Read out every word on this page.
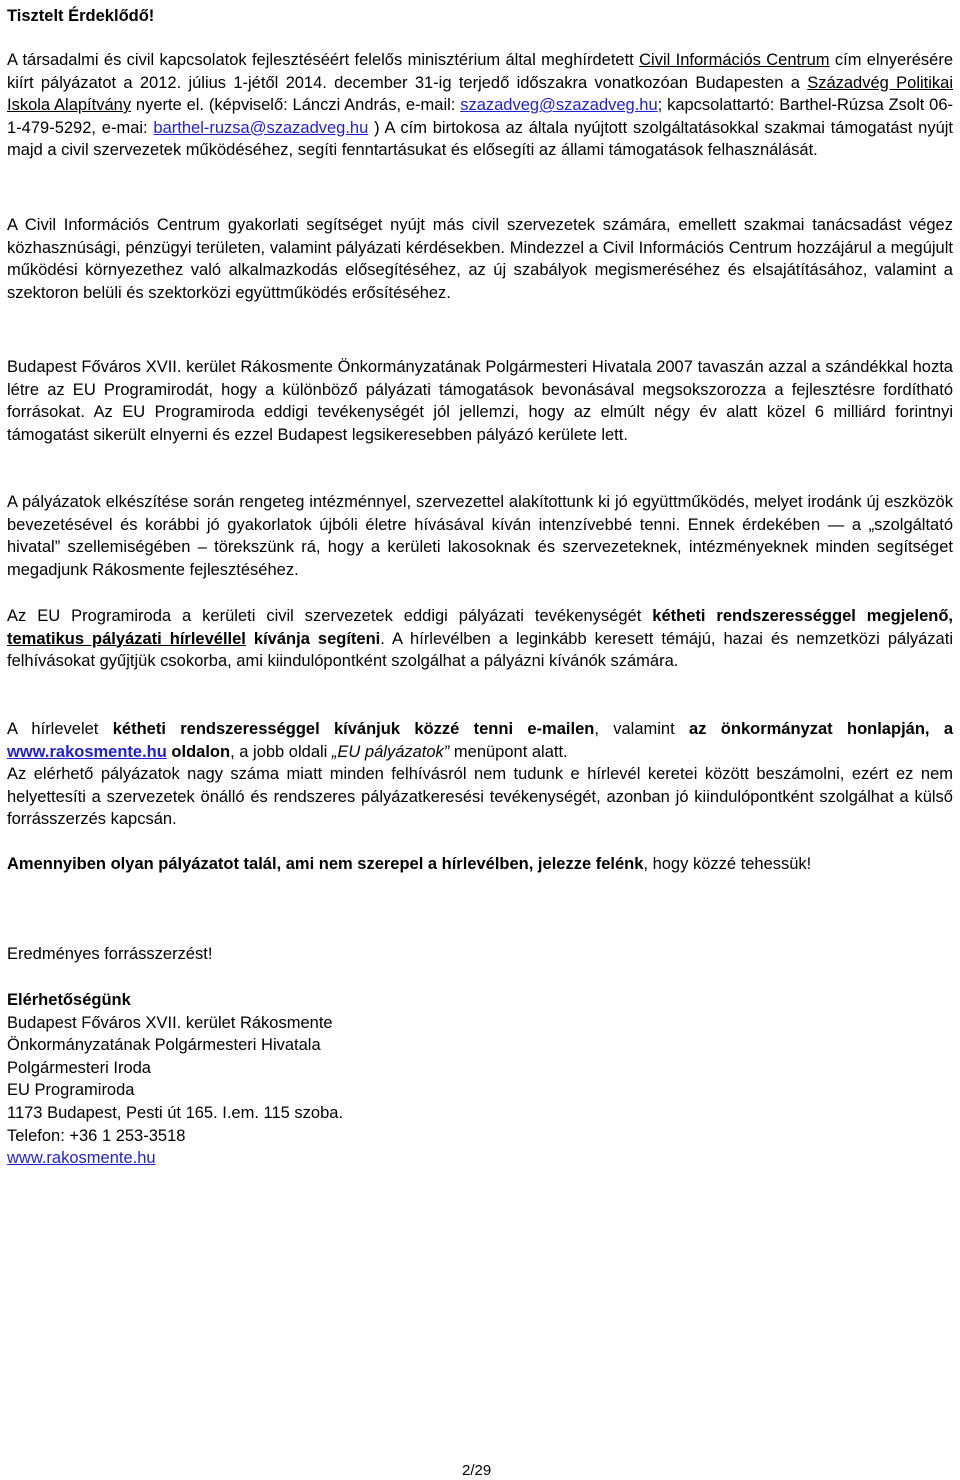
Tisztelt Érdeklődő!

A társadalmi és civil kapcsolatok fejlesztéséért felelős minisztérium által meghírdetett Civil Információs Centrum cím elnyerésére kiírt pályázatot a 2012. július 1-jétől 2014. december 31-ig terjedő időszakra vonatkozóan Budapesten a Századvég Politikai Iskola Alapítvány nyerte el. (képviselő: Lánczi András, e-mail: szazadveg@szazadveg.hu; kapcsolattartó: Barthel-Rúzsa Zsolt 06-1-479-5292, e-mai: barthel-ruzsa@szazadveg.hu ) A cím birtokosa az általa nyújtott szolgáltatásokkal szakmai támogatást nyújt majd a civil szervezetek működéséhez, segíti fenntartásukat és elősegíti az állami támogatások felhasználását.

A Civil Információs Centrum gyakorlati segítséget nyújt más civil szervezetek számára, emellett szakmai tanácsadást végez közhasznúsági, pénzügyi területen, valamint pályázati kérdésekben. Mindezzel a Civil Információs Centrum hozzájárul a megújult működési környezethez való alkalmazkodás elősegítéséhez, az új szabályok megismeréséhez és elsajátításához, valamint a szektoron belüli és szektorközi együttműködés erősítéséhez.

Budapest Főváros XVII. kerület Rákosmente Önkormányzatának Polgármesteri Hivatala 2007 tavaszán azzal a szándékkal hozta létre az EU Programirodát, hogy a különböző pályázati támogatások bevonásával megsokszorozza a fejlesztésre fordítható forrásokat. Az EU Programiroda eddigi tevékenységét jól jellemzi, hogy az elmúlt négy év alatt közel 6 milliárd forintnyi támogatást sikerült elnyerni és ezzel Budapest legsikeresebben pályázó kerülete lett.

A pályázatok elkészítése során rengeteg intézménnyel, szervezettel alakítottunk ki jó együttműködés, melyet irodánk új eszközök bevezetésével és korábbi jó gyakorlatok újbóli életre hívásával kíván intenzívebbé tenni. Ennek érdekében — a „szolgáltató hivatal” szellemiségében – törekszünk rá, hogy a kerületi lakosoknak és szervezeteknek, intézményeknek minden segítséget megadjunk Rákosmente fejlesztéséhez.

Az EU Programiroda a kerületi civil szervezetek eddigi pályázati tevékenységét kétheti rendszerességgel megjelenő, tematikus pályázati hírlevéllel kívánja segíteni. A hírlevélben a leginkább keresett témájú, hazai és nemzetközi pályázati felhívásokat gyűjtjük csokorba, ami kiindulópontként szolgálhat a pályázni kívánók számára.

A hírlevelet kétheti rendszerességgel kívánjuk közzé tenni e-mailen, valamint az önkormányzat honlapján, a www.rakosmente.hu oldalon, a jobb oldali „EU pályázatok” menüpont alatt.

Az elérhető pályázatok nagy száma miatt minden felhívásról nem tudunk e hírlevél keretei között beszámolni, ezért ez nem helyettesíti a szervezetek önálló és rendszeres pályázatkeresési tevékenységét, azonban jó kiindulópontként szolgálhat a külső forrásszerzés kapcsán.

Amennyiben olyan pályázatot talál, ami nem szerepel a hírlevélben, jelezze felénk, hogy közzé tehessük!

Eredményes forrásszerzést!

Elérhetőségünk
Budapest Főváros XVII. kerület Rákosmente
Önkormányzatának Polgármesteri Hivatala
Polgármesteri Iroda
EU Programiroda
1173 Budapest, Pesti út 165. I.em. 115 szoba.
Telefon: +36 1 253-3518
www.rakosmente.hu
2/29
